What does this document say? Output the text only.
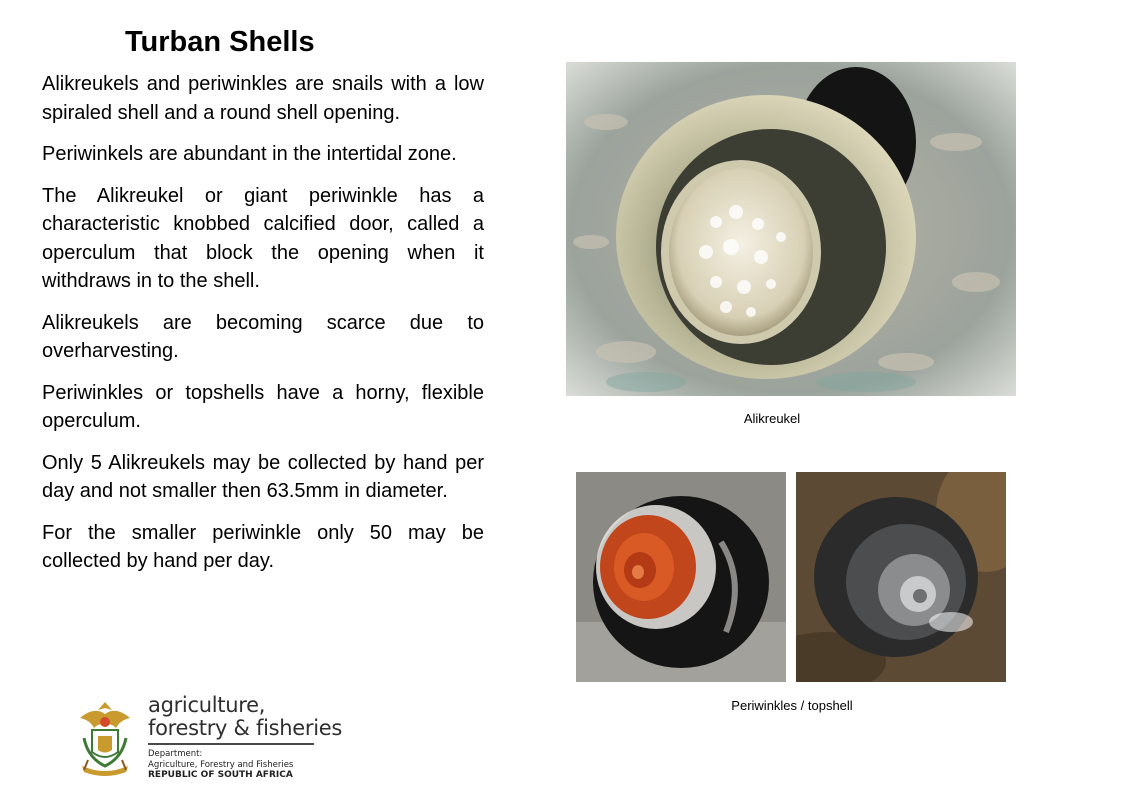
Turban Shells

Alikreukels and periwinkles are snails with a low spiraled shell and a round shell opening.

Periwinkels are abundant in the intertidal zone.

The Alikreukel or giant periwinkle has a characteristic knobbed calcified door, called a operculum that block the opening when it withdraws in to the shell.

Alikreukels are becoming scarce due to overharvesting.

Periwinkles or topshells have a horny, flexible operculum.

Only 5 Alikreukels may be collected by hand per day and not smaller then 63.5mm in diameter.

For the smaller periwinkle only 50 may be collected by hand per day.

Alikreukel
Periwinkles / topshell
agriculture,
forestry & fisheries
Department:
Agriculture, Forestry and Fisheries
REPUBLIC OF SOUTH AFRICA
